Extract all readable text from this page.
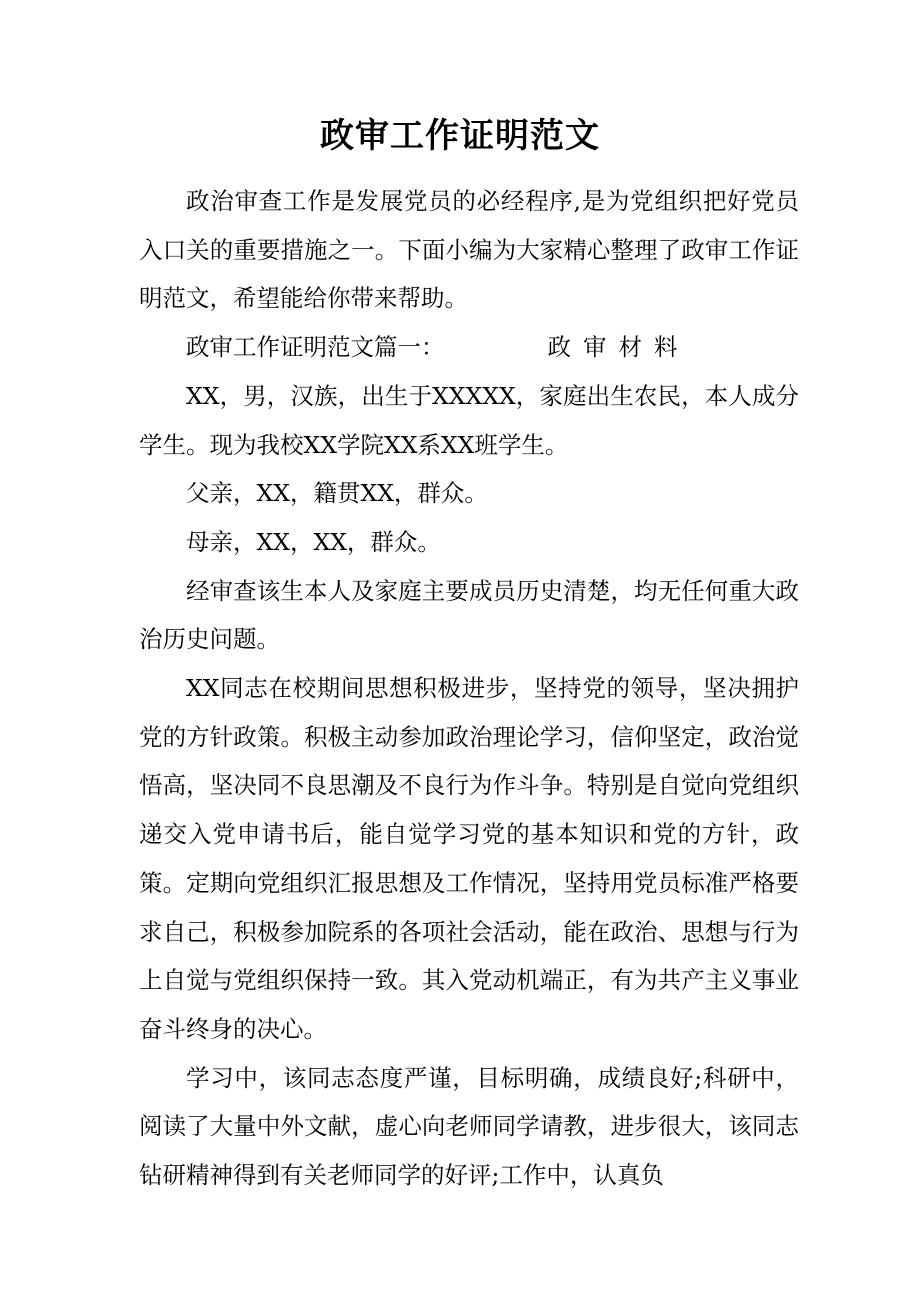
政审工作证明范文

政治审查工作是发展党员的必经程序,是为党组织把好党员入口关的重要措施之一。下面小编为大家精心整理了政审工作证明范文，希望能给你带来帮助。

政审工作证明范文篇一：	政审材料

XX，男，汉族，出生于XXXXX，家庭出生农民，本人成分学生。现为我校XX学院XX系XX班学生。

父亲，XX，籍贯XX，群众。

母亲，XX，XX，群众。

经审查该生本人及家庭主要成员历史清楚，均无任何重大政治历史问题。

XX同志在校期间思想积极进步，坚持党的领导，坚决拥护党的方针政策。积极主动参加政治理论学习，信仰坚定，政治觉悟高，坚决同不良思潮及不良行为作斗争。特别是自觉向党组织递交入党申请书后，能自觉学习党的基本知识和党的方针，政策。定期向党组织汇报思想及工作情况，坚持用党员标准严格要求自己，积极参加院系的各项社会活动，能在政治、思想与行为上自觉与党组织保持一致。其入党动机端正，有为共产主义事业奋斗终身的决心。

学习中，该同志态度严谨，目标明确，成绩良好;科研中，阅读了大量中外文献，虚心向老师同学请教，进步很大，该同志钻研精神得到有关老师同学的好评;工作中，认真负
